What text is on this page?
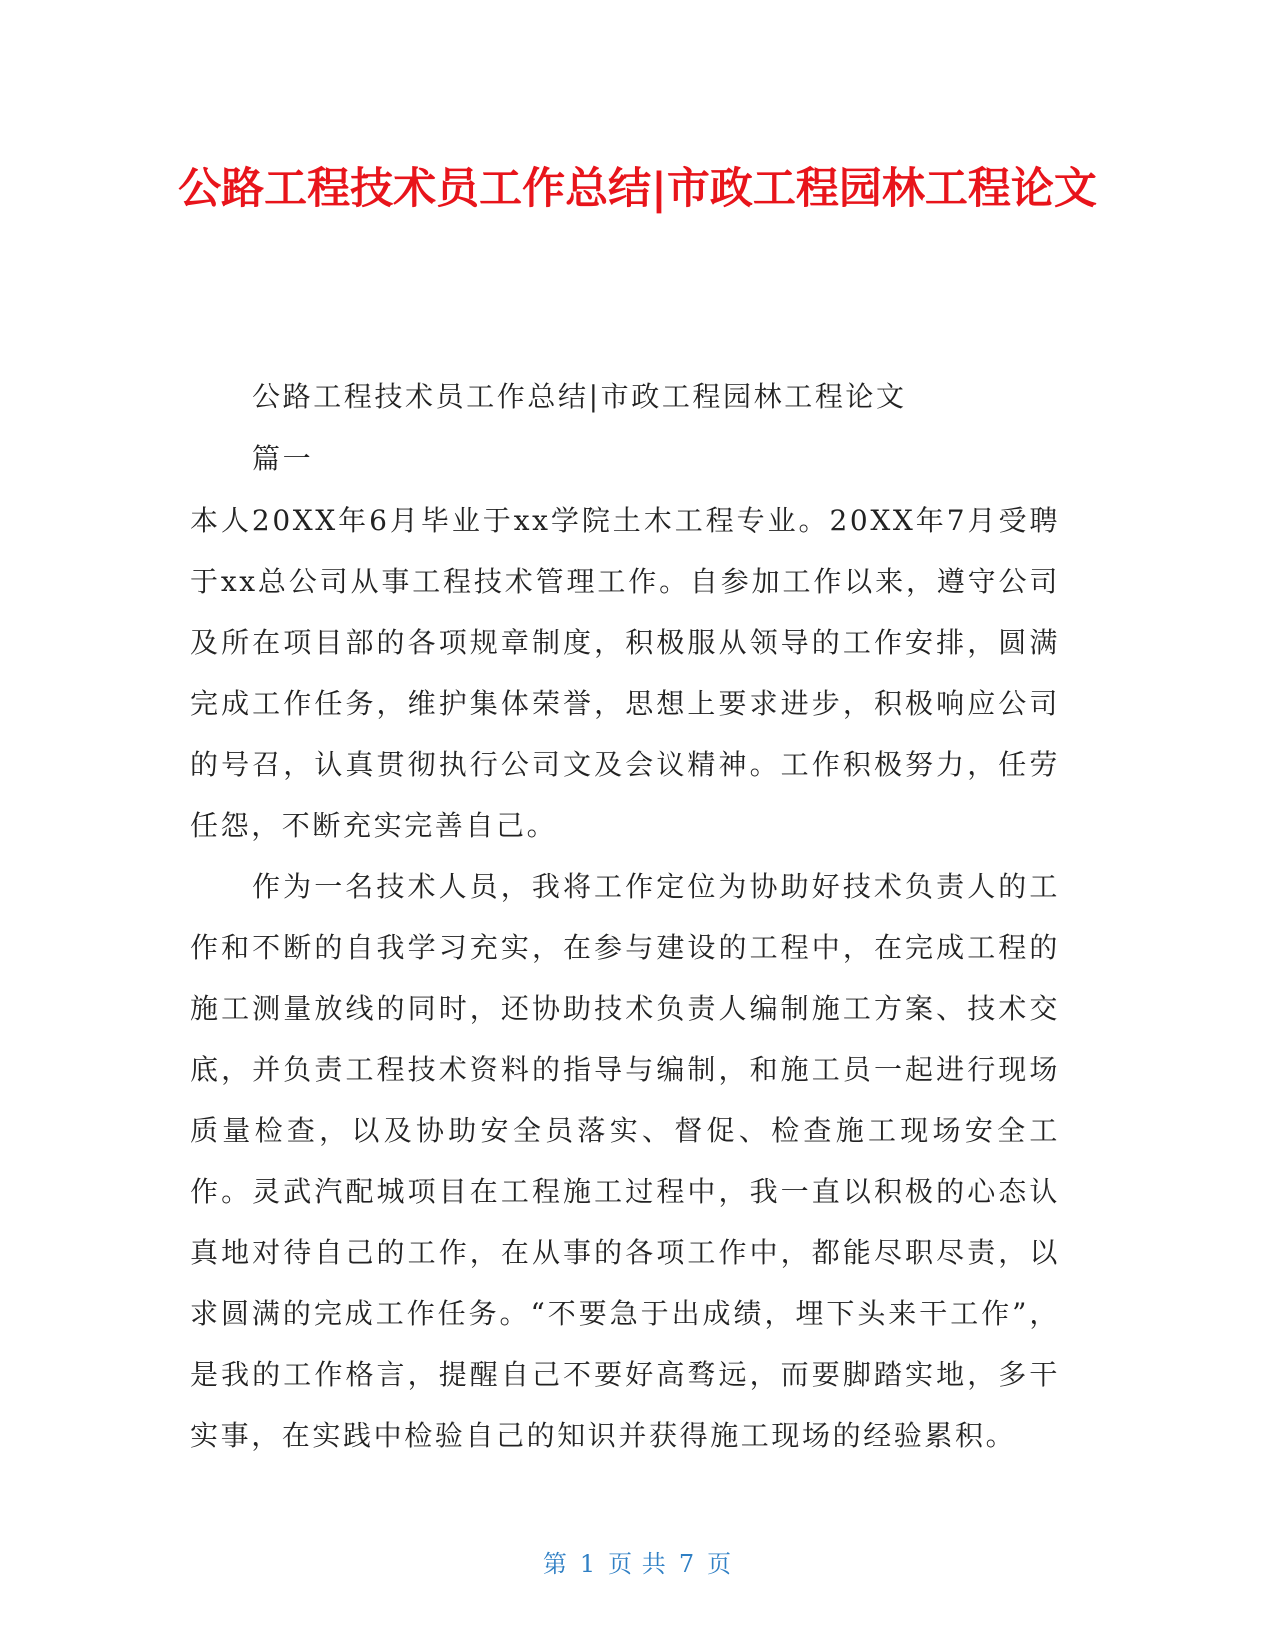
公路工程技术员工作总结|市政工程园林工程论文

公路工程技术员工作总结|市政工程园林工程论文

篇一

本人20XX年6月毕业于xx学院土木工程专业。20XX年7月受聘于xx总公司从事工程技术管理工作。自参加工作以来，遵守公司及所在项目部的各项规章制度，积极服从领导的工作安排，圆满完成工作任务，维护集体荣誉，思想上要求进步，积极响应公司的号召，认真贯彻执行公司文及会议精神。工作积极努力，任劳任怨，不断充实完善自己。

作为一名技术人员，我将工作定位为协助好技术负责人的工作和不断的自我学习充实，在参与建设的工程中，在完成工程的施工测量放线的同时，还协助技术负责人编制施工方案、技术交底，并负责工程技术资料的指导与编制，和施工员一起进行现场质量检查，以及协助安全员落实、督促、检查施工现场安全工作。灵武汽配城项目在工程施工过程中，我一直以积极的心态认真地对待自己的工作，在从事的各项工作中，都能尽职尽责，以求圆满的完成工作任务。“不要急于出成绩，埋下头来干工作”，是我的工作格言，提醒自己不要好高骛远，而要脚踏实地，多干实事，在实践中检验自己的知识并获得施工现场的经验累积。

第 1 页 共 7 页
